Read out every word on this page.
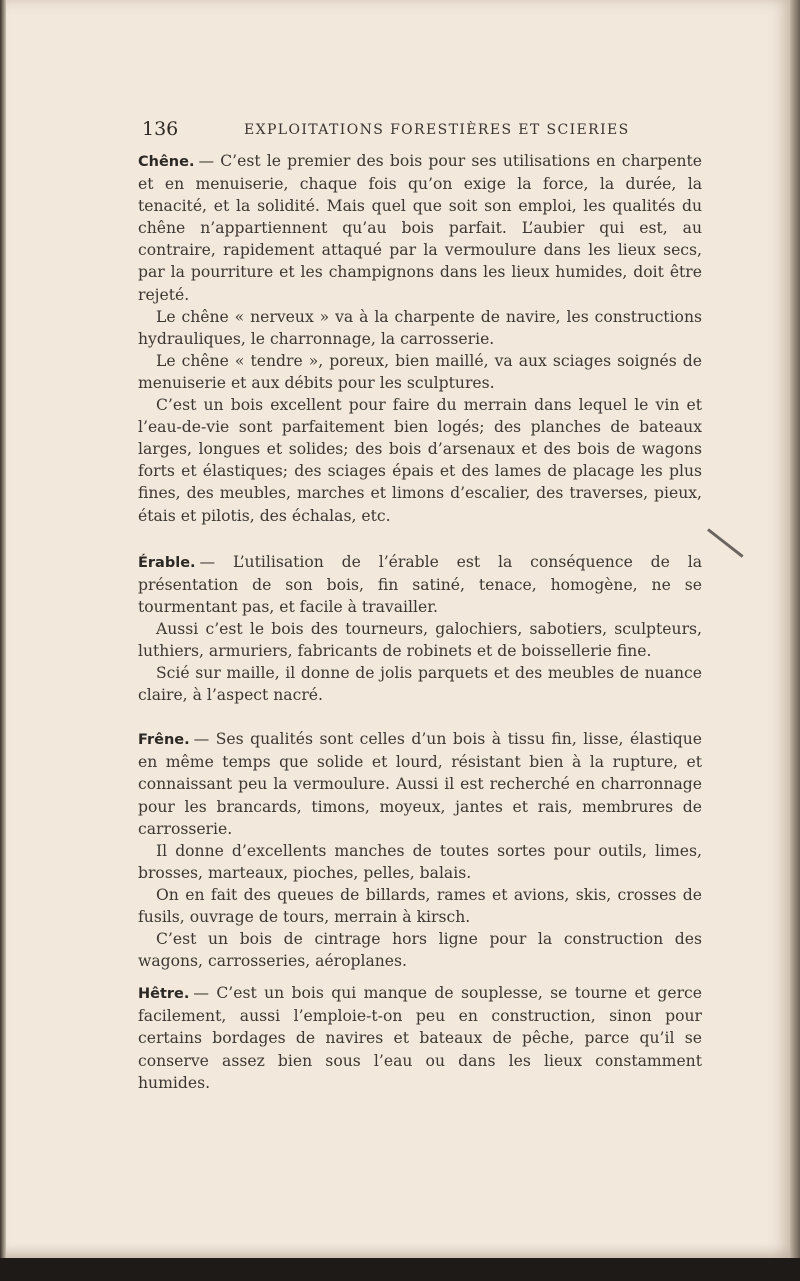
136	EXPLOITATIONS FORESTIÈRES ET SCIERIES

Chêne. — C’est le premier des bois pour ses utilisations en charpente et en menuiserie, chaque fois qu’on exige la force, la durée, la tenacité, et la solidité. Mais quel que soit son emploi, les qualités du chêne n’appartiennent qu’au bois parfait. L’aubier qui est, au contraire, rapidement attaqué par la vermoulure dans les lieux secs, par la pourriture et les champignons dans les lieux humides, doit être rejeté.

Le chêne « nerveux » va à la charpente de navire, les constructions hydrauliques, le charronnage, la carrosserie.

Le chêne « tendre », poreux, bien maillé, va aux sciages soignés de menuiserie et aux débits pour les sculptures.

C’est un bois excellent pour faire du merrain dans lequel le vin et l’eau-de-vie sont parfaitement bien logés; des planches de bateaux larges, longues et solides; des bois d’arsenaux et des bois de wagons forts et élastiques; des sciages épais et des lames de placage les plus fines, des meubles, marches et limons d’escalier, des traverses, pieux, étais et pilotis, des échalas, etc.

Érable. — L’utilisation de l’érable est la conséquence de la présentation de son bois, fin satiné, tenace, homogène, ne se tourmentant pas, et facile à travailler.

Aussi c’est le bois des tourneurs, galochiers, sabotiers, sculpteurs, luthiers, armuriers, fabricants de robinets et de boissellerie fine.

Scié sur maille, il donne de jolis parquets et des meubles de nuance claire, à l’aspect nacré.

Frêne. — Ses qualités sont celles d’un bois à tissu fin, lisse, élastique en même temps que solide et lourd, résistant bien à la rupture, et connaissant peu la vermoulure. Aussi il est recherché en charronnage pour les brancards, timons, moyeux, jantes et rais, membrures de carrosserie.

Il donne d’excellents manches de toutes sortes pour outils, limes, brosses, marteaux, pioches, pelles, balais.

On en fait des queues de billards, rames et avions, skis, crosses de fusils, ouvrage de tours, merrain à kirsch.

C’est un bois de cintrage hors ligne pour la construction des wagons, carrosseries, aéroplanes.

Hêtre. — C’est un bois qui manque de souplesse, se tourne et gerce facilement, aussi l’emploie-t-on peu en construction, sinon pour certains bordages de navires et bateaux de pêche, parce qu’il se conserve assez bien sous l’eau ou dans les lieux constamment humides.
